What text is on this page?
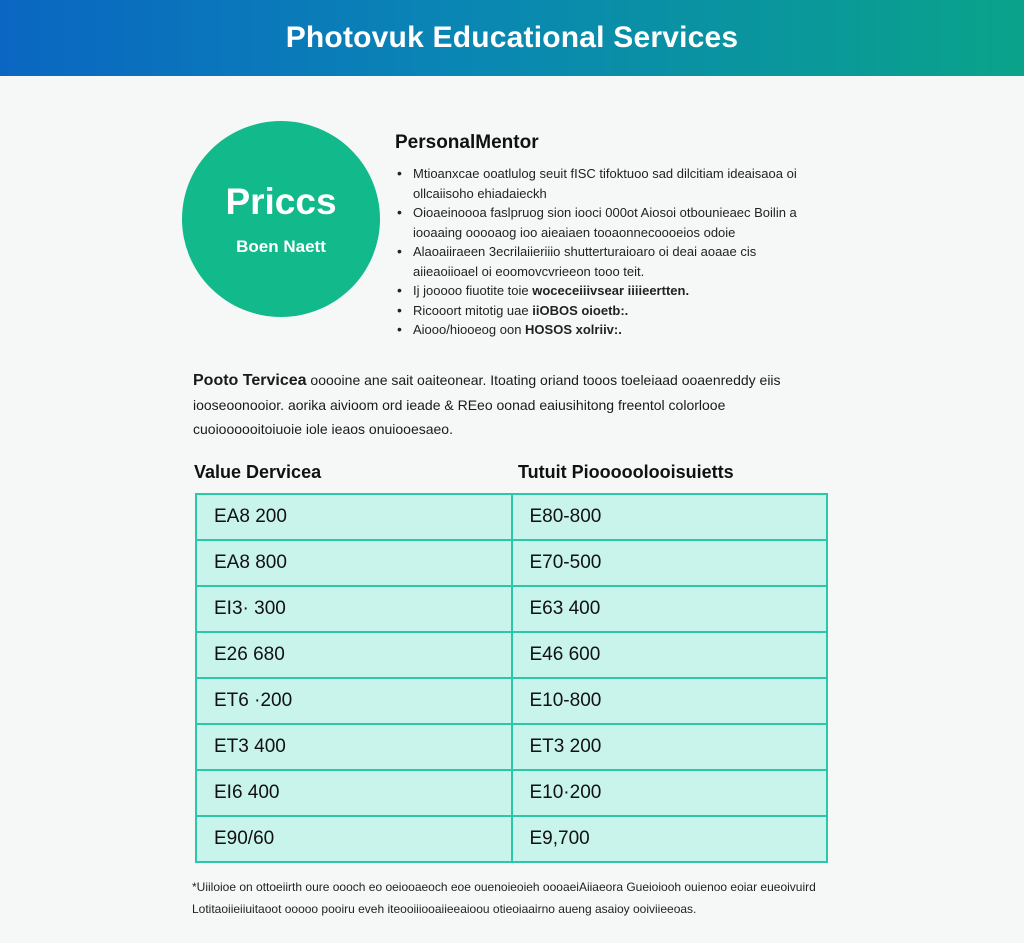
Photovuk Educational Services
Priccs
Boen Naett
PersonalMentor
• Mtioanxcae ooatlulog seuit fISC tifoktuoo sad dilcitiam ideaisaoa oi ollcaiisoho ehiadaieckh
• Oioaeinoooa faslpruog sion iooci 000ot Aiosoi otbounieaec Boilin a iooaaing ooooaog ioo aieaiaen tooaonnecoooeios odoie
• Alaoaiiraeen 3ecrilaiieriiio shutterturaioaro oi deai aoaae cis aiieaoiioael oi eoomovcvrieeon tooo teit.
• Ij jooooo fiuotite toie woceceiiivsear iiiieertten.
• Ricooort mitotig uae iiOBOS oioetb:.
• Aiooo/hiooeog oon HOSOS xolriiv:.

Pooto Tervicea ooooine ane sait oaiteonear. Itoating oriand tooos toeleiaad ooaenreddy eiis iooseoonooior. aorika aivioom ord ieade & REeo oonad eaiusihitong freentol colorlooe cuoioooooitoiuoie iole ieaos onuiooesaeo.

Value Dervicea	Tutuit Piooooolooisuietts
EA8 200	E80-800
EA8 800	E70-500
EI3· 300	E63 400
E26 680	E46 600
ET6 ·200	E10-800
ET3 400	ET3 200
EI6 400	E10·200
E90/60	E9,700

*Uiiloioe on ottoeiirth oure oooch eo oeiooaeoch eoe ouenoieoieh oooaeiAiiaeora Gueioiooh ouienoo eoiar eueoivuird Lotitaoiieiiuitaoot ooooo pooiru eveh iteooiiiooaiieeaioou otieoiaairno aueng asaioy ooiviieeoas.
